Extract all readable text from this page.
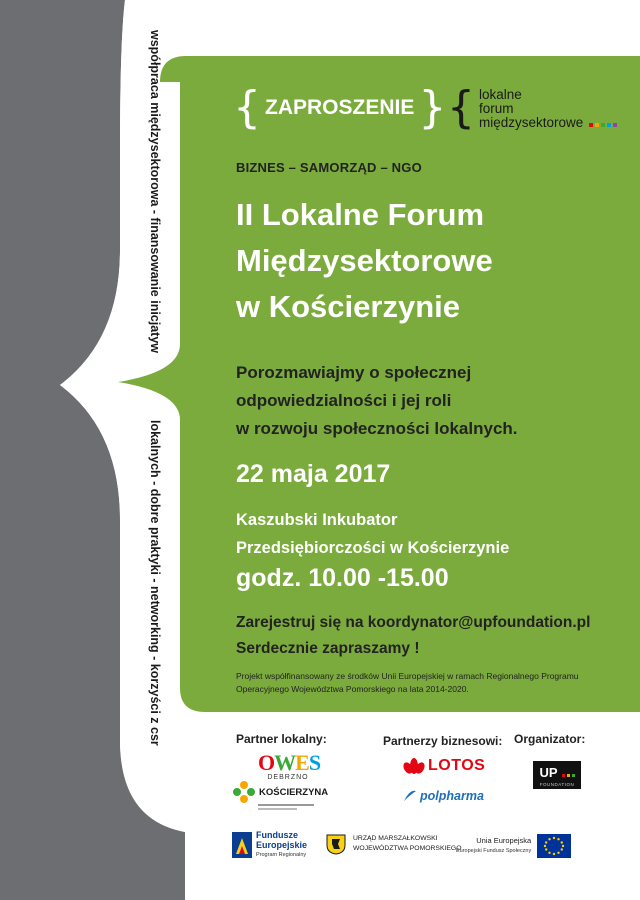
współpraca międzysektorowa - finansowanie inicjatyw
lokalnych - dobre praktyki - networking - korzyści z csr
{ ZAPROSZENIE } { lokalne
forum
międzysektorowe
BIZNES – SAMORZĄD – NGO
II Lokalne Forum
Międzysektorowe
w Kościerzynie
Porozmawiajmy o społecznej
odpowiedzialności i jej roli
w rozwoju społeczności lokalnych.
22 maja 2017
Kaszubski Inkubator
Przedsiębiorczości w Kościerzynie
godz. 10.00 -15.00
Zarejestruj się na koordynator@upfoundation.pl
Serdecznie zapraszamy !
Projekt współfinansowany ze środków Unii Europejskiej w ramach Regionalnego Programu
Operacyjnego Województwa Pomorskiego na lata 2014-2020.
Partner lokalny:	Partnerzy biznesowi: Organizator:
OWES
DEBRZNO
KOŚCIERZYNA
LOTOS
polpharma
UP
FOUNDATION
Fundusze
Europejskie
Program Regionalny
URZĄD MARSZAŁKOWSKI
WOJEWÓDZTWA POMORSKIEGO
Unia Europejska
Europejski Fundusz Społeczny
